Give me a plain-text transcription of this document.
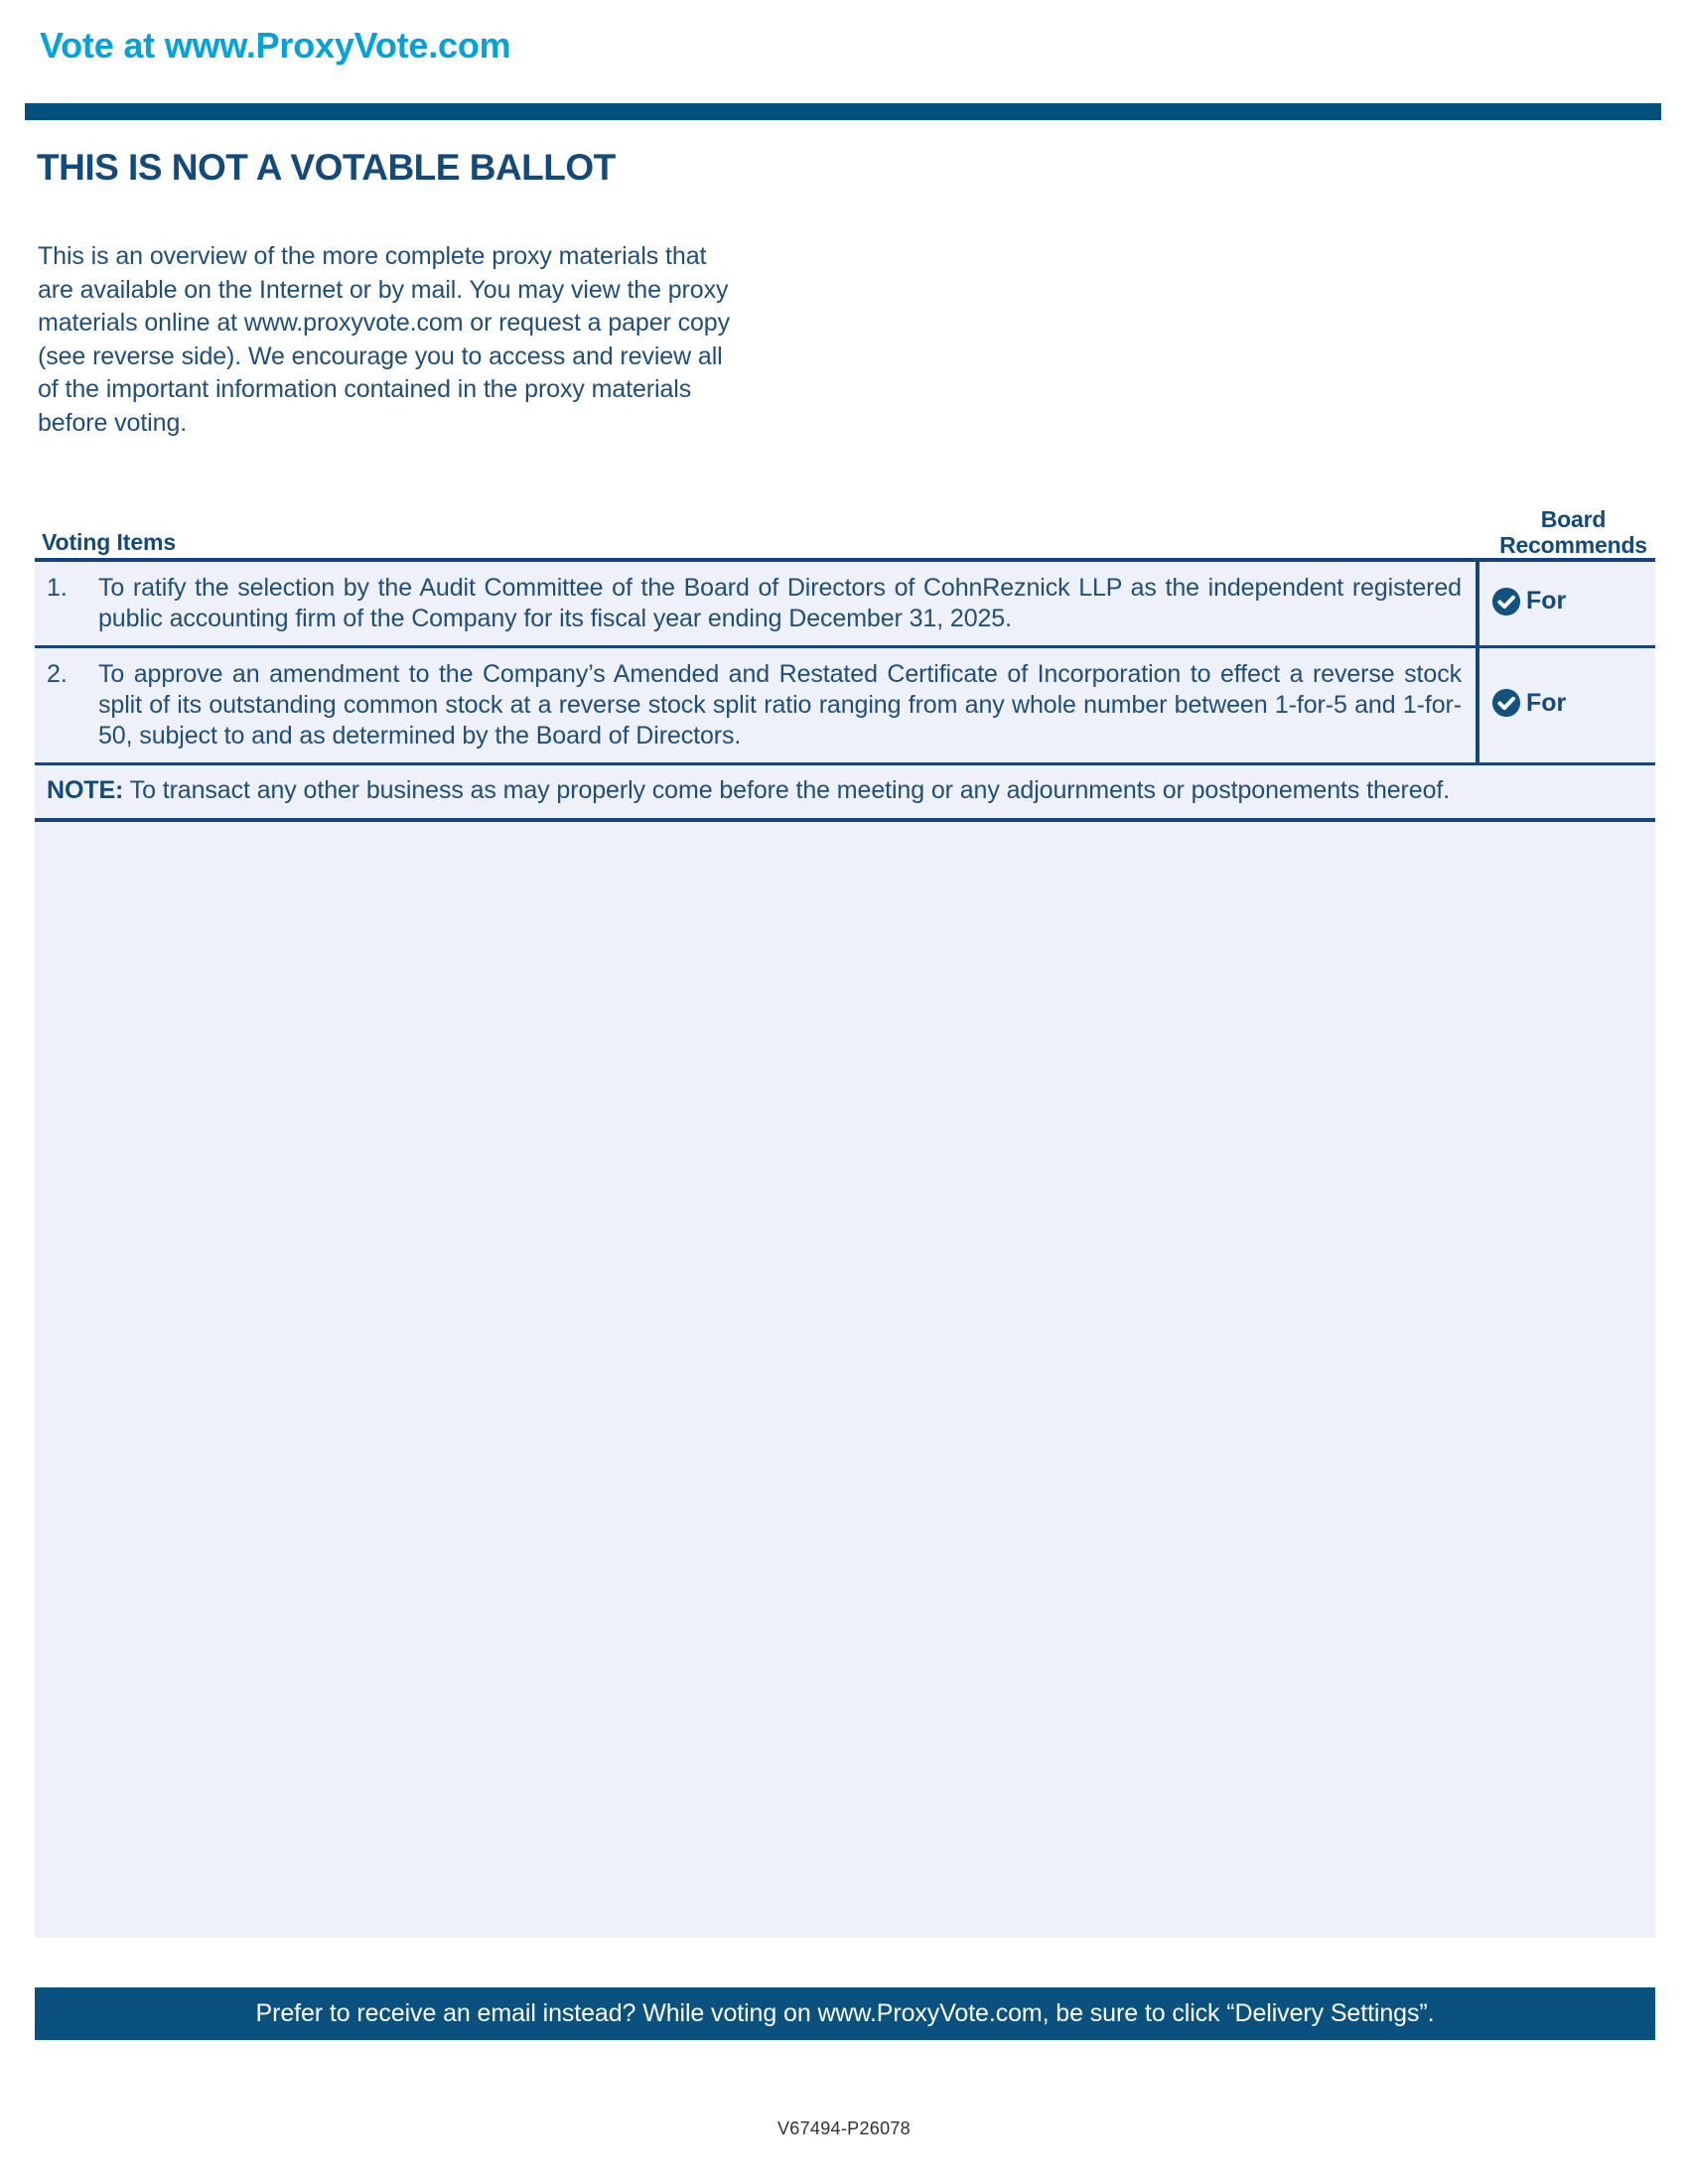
Vote at www.ProxyVote.com
THIS IS NOT A VOTABLE BALLOT

This is an overview of the more complete proxy materials that

are available on the Internet or by mail. You may view the proxy

materials online at www.proxyvote.com or request a paper copy

(see reverse side). We encourage you to access and review all

of the important information contained in the proxy materials

before voting.

Voting Items
Board
Recommends
1.	To ratify the selection by the Audit Committee of the Board of Directors of CohnReznick LLP as the independent registered public accounting firm of the Company for its fiscal year ending December 31, 2025.	For

2.	To approve an amendment to the Company’s Amended and Restated Certificate of Incorporation to effect a reverse stock split of its outstanding common stock at a reverse stock split ratio ranging from any whole number between 1-for-5 and 1-for-50, subject to and as determined by the Board of Directors.	For

NOTE: To transact any other business as may properly come before the meeting or any adjournments or postponements thereof.		
Prefer to receive an email instead? While voting on www.ProxyVote.com, be sure to click “Delivery Settings”.
V67494-P26078
